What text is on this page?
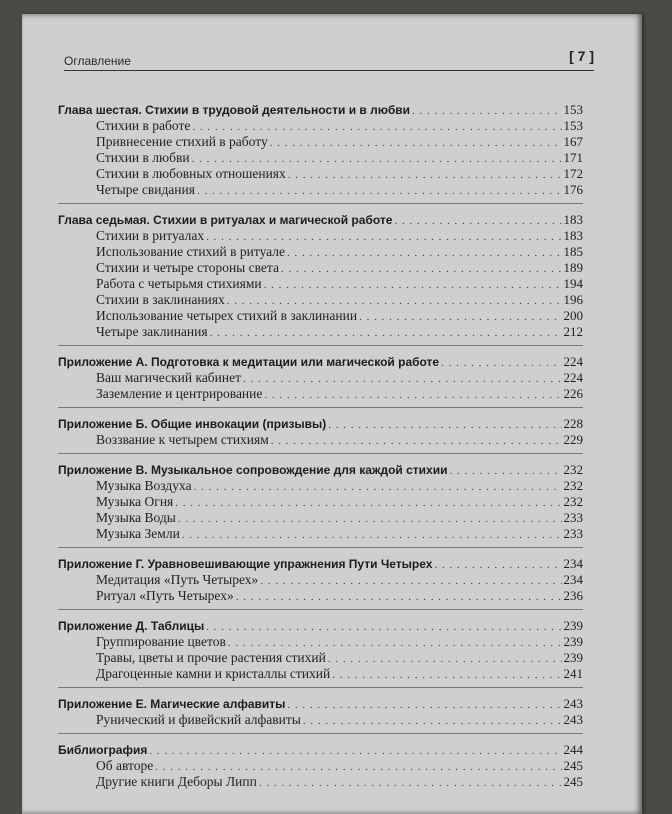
Оглавление	[ 7 ]
Глава шестая. Стихии в трудовой деятельности и в любви . . .	153
Стихии в работе . . .	153
Привнесение стихий в работу . . .	167
Стихии в любви . . .	171
Стихии в любовных отношениях . . .	172
Четыре свидания . . .	176
Глава седьмая. Стихии в ритуалах и магической работе . . .	183
Стихии в ритуалах . . .	183
Использование стихий в ритуале . . .	185
Стихии и четыре стороны света . . .	189
Работа с четырьмя стихиями . . .	194
Стихии в заклинаниях . . .	196
Использование четырех стихий в заклинании . . .	200
Четыре заклинания . . .	212
Приложение А. Подготовка к медитации или магической работе . . .	224
Ваш магический кабинет . . .	224
Заземление и центрирование . . .	226
Приложение Б. Общие инвокации (призывы) . . .	228
Воззвание к четырем стихиям . . .	229
Приложение В. Музыкальное сопровождение для каждой стихии . . .	232
Музыка Воздуха . . .	232
Музыка Огня . . .	232
Музыка Воды . . .	233
Музыка Земли . . .	233
Приложение Г. Уравновешивающие упражнения Пути Четырех . . .	234
Медитация «Путь Четырех» . . .	234
Ритуал «Путь Четырех» . . .	236
Приложение Д. Таблицы . . .	239
Группирование цветов . . .	239
Травы, цветы и прочие растения стихий . . .	239
Драгоценные камни и кристаллы стихий . . .	241
Приложение Е. Магические алфавиты . . .	243
Рунический и фивейский алфавиты . . .	243
Библиография . . .	244
Об авторе . . .	245
Другие книги Деборы Липп . . .	245
